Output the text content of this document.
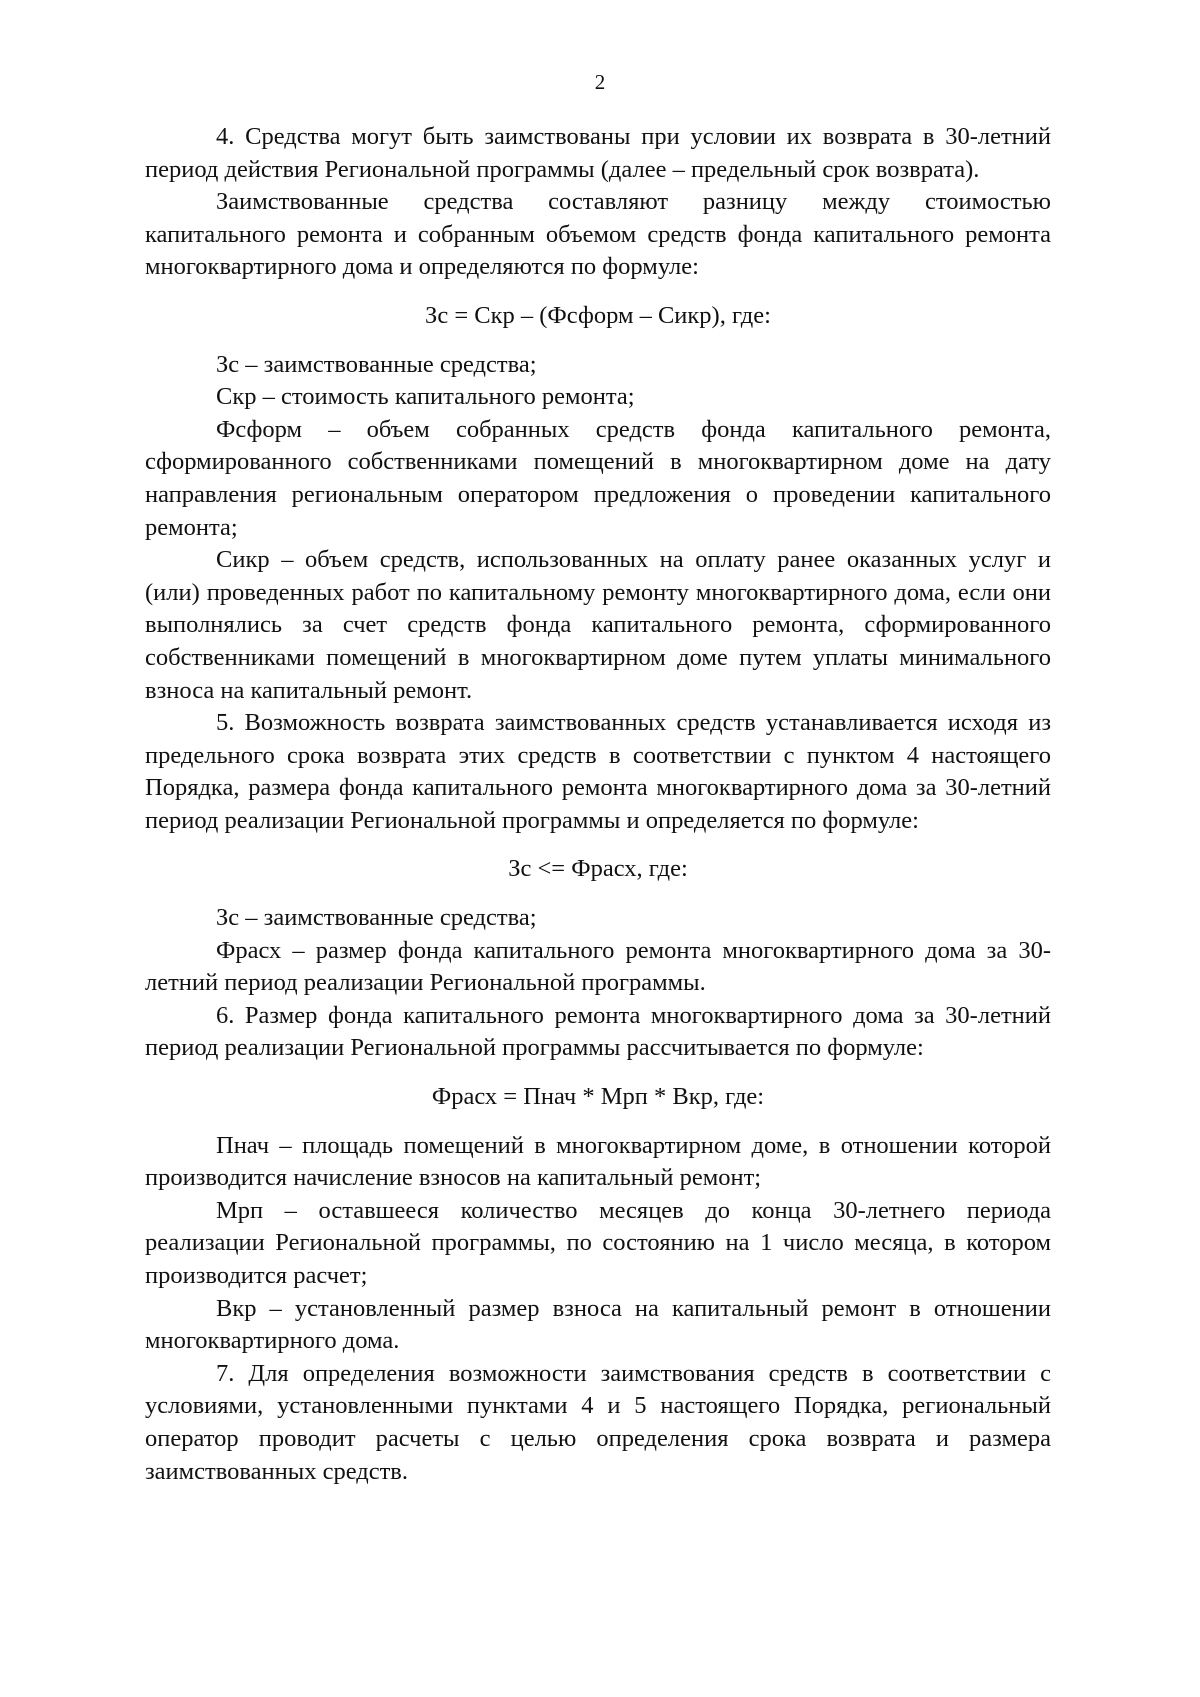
2

4. Средства могут быть заимствованы при условии их возврата в 30-летний период действия Региональной программы (далее – предельный срок возврата).

Заимствованные средства составляют разницу между стоимостью капитального ремонта и собранным объемом средств фонда капитального ремонта многоквартирного дома и определяются по формуле:

Зс = Скр – (Фсформ – Сикр), где:

Зс – заимствованные средства;

Скр – стоимость капитального ремонта;

Фсформ – объем собранных средств фонда капитального ремонта, сформированного собственниками помещений в многоквартирном доме на дату направления региональным оператором предложения о проведении капитального ремонта;

Сикр – объем средств, использованных на оплату ранее оказанных услуг и (или) проведенных работ по капитальному ремонту многоквартирного дома, если они выполнялись за счет средств фонда капитального ремонта, сформированного собственниками помещений в многоквартирном доме путем уплаты минимального взноса на капитальный ремонт.

5. Возможность возврата заимствованных средств устанавливается исходя из предельного срока возврата этих средств в соответствии с пунктом 4 настоящего Порядка, размера фонда капитального ремонта многоквартирного дома за 30-летний период реализации Региональной программы и определяется по формуле:

Зс <= Фрасх, где:

Зс – заимствованные средства;

Фрасх – размер фонда капитального ремонта многоквартирного дома за 30-летний период реализации Региональной программы.

6. Размер фонда капитального ремонта многоквартирного дома за 30-летний период реализации Региональной программы рассчитывается по формуле:

Фрасх = Пнач * Мрп * Вкр, где:

Пнач – площадь помещений в многоквартирном доме, в отношении которой производится начисление взносов на капитальный ремонт;

Мрп – оставшееся количество месяцев до конца 30-летнего периода реализации Региональной программы, по состоянию на 1 число месяца, в котором производится расчет;

Вкр – установленный размер взноса на капитальный ремонт в отношении многоквартирного дома.

7. Для определения возможности заимствования средств в соответствии с условиями, установленными пунктами 4 и 5 настоящего Порядка, региональный оператор проводит расчеты с целью определения срока возврата и размера заимствованных средств.
